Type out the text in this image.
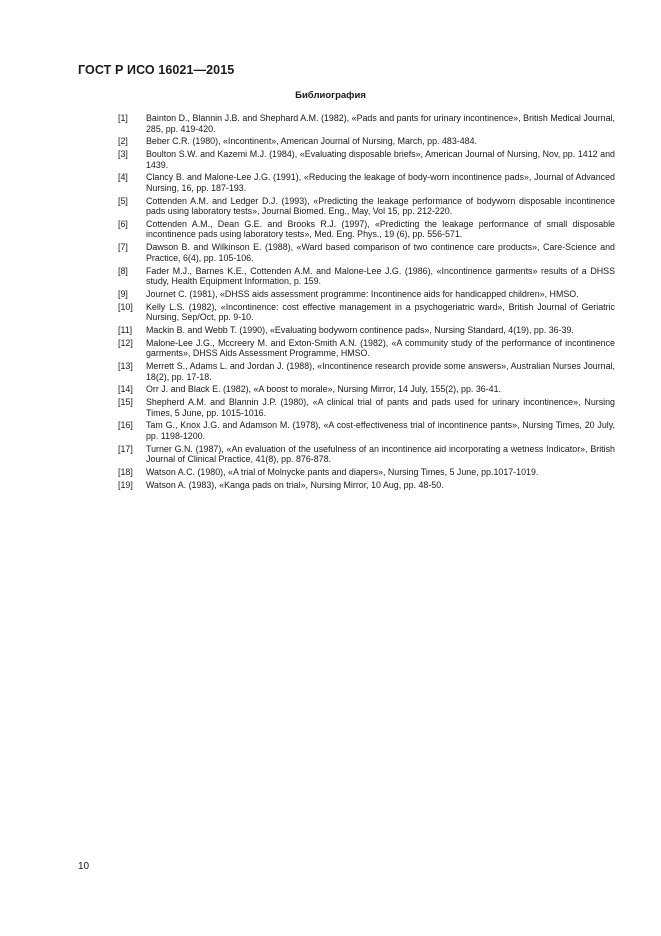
ГОСТ Р ИСО 16021—2015
Библиография
[1]	Bainton D., Blannin J.B. and Shephard A.M. (1982), «Pads and pants for urinary incontinence», British Medical Journal, 285, pp. 419-420.
[2]	Beber C.R. (1980), «Incontinent», American Journal of Nursing, March, pp. 483-484.
[3]	Boulton S.W. and Kazemi M.J. (1984), «Evaluating disposable briefs», American Journal of Nursing, Nov, pp. 1412 and 1439.
[4]	Clancy B. and Malone-Lee J.G. (1991), «Reducing the leakage of body-worn incontinence pads», Journal of Advanced Nursing, 16, pp. 187-193.
[5]	Cottenden A.M. and Ledger D.J. (1993), «Predicting the leakage performance of bodyworn disposable incontinence pads using laboratory tests», Journal Biomed. Eng., May, Vol 15, pp. 212-220.
[6]	Cottenden A.M., Dean G.E. and Brooks R.J. (1997), «Predicting the leakage performance of small disposable incontinence pads using laboratory tests», Med. Eng. Phys., 19 (6), pp. 556-571.
[7]	Dawson B. and Wilkinson E. (1988), «Ward based comparison of two continence care products», Care-Science and Practice, 6(4), pp. 105-106.
[8]	Fader M.J., Barnes K.E., Cottenden A.M. and Malone-Lee J.G. (1986), «Incontinence garments» results of a DHSS study, Health Equipment Information, p. 159.
[9]	Journet C. (1981), «DHSS aids assessment programme: Incontinence aids for handicapped children», HMSO.
[10]	Kelly L.S. (1982), «Incontinence: cost effective management in a psychogeriatric ward», British Journal of Geriatric Nursing, Sep/Oct, pp. 9-10.
[11]	Mackin B. and Webb T. (1990), «Evaluating bodyworn continence pads», Nursing Standard, 4(19), pp. 36-39.
[12]	Malone-Lee J.G., Mccreery M. and Exton-Smith A.N. (1982), «A community study of the performance of incontinence garments», DHSS Aids Assessment Programme, HMSO.
[13]	Merrett S., Adams L. and Jordan J. (1988), «Incontinence research provide some answers», Australian Nurses Journal, 18(2), pp. 17-18.
[14]	Orr J. and Black E. (1982), «A boost to morale», Nursing Mirror, 14 July, 155(2), pp. 36-41.
[15]	Shepherd A.M. and Blannin J.P. (1980), «A clinical trial of pants and pads used for urinary incontinence», Nursing Times, 5 June, pp. 1015-1016.
[16]	Tam G., Knox J.G. and Adamson M. (1978), «A cost-effectiveness trial of incontinence pants», Nursing Times, 20 July, pp. 1198-1200.
[17]	Turner G.N. (1987), «An evaluation of the usefulness of an incontinence aid incorporating a wetness Indicator», British Journal of Clinical Practice, 41(8), pp. 876-878.
[18]	Watson A.C. (1980), «A trial of Molnycke pants and diapers», Nursing Times, 5 June, pp.1017-1019.
[19]	Watson A. (1983), «Kanga pads on trial», Nursing Mirror, 10 Aug, pp. 48-50.
10
